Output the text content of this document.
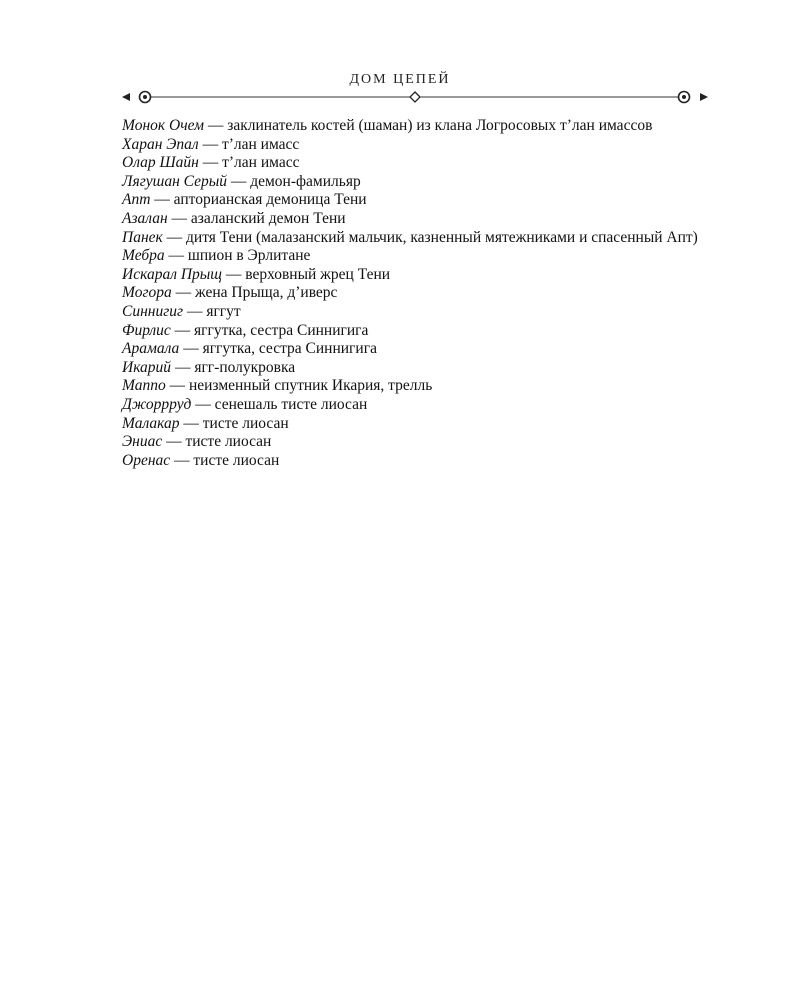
ДОМ ЦЕПЕЙ
Монок Очем — заклинатель костей (шаман) из клана Логросовых т’лан имассов
Харан Эпал — т’лан имасс
Олар Шайн — т’лан имасс
Лягушан Серый — демон-фамильяр
Апт — апторианская демоница Тени
Азалан — азаланский демон Тени
Панек — дитя Тени (малазанский мальчик, казненный мятежниками и спасенный Апт)
Мебра — шпион в Эрлитане
Искарал Прыщ — верховный жрец Тени
Могора — жена Прыща, д’иверс
Синнигиг — яггут
Фирлис — яггутка, сестра Синнигига
Арамала — яггутка, сестра Синнигига
Икарий — ягг-полукровка
Маппо — неизменный спутник Икария, трелль
Джоррруд — сенешаль тисте лиосан
Малакар — тисте лиосан
Эниас — тисте лиосан
Оренас — тисте лиосан
